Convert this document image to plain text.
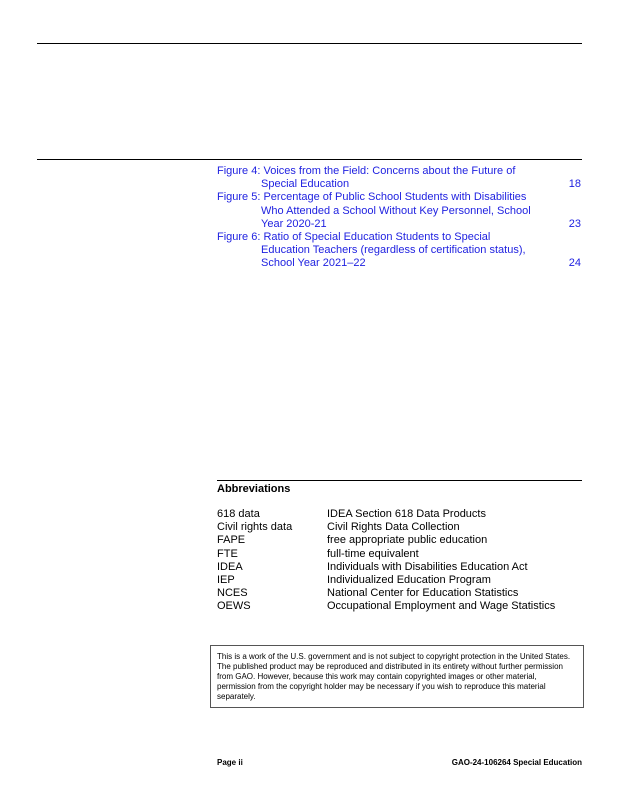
Figure 4: Voices from the Field: Concerns about the Future of
Special Education	18
Figure 5: Percentage of Public School Students with Disabilities
Who Attended a School Without Key Personnel, School Year 2020-21	23
Figure 6: Ratio of Special Education Students to Special
Education Teachers (regardless of certification status), School Year 2021–22	24
Abbreviations
618 data	IDEA Section 618 Data Products
Civil rights data	Civil Rights Data Collection
FAPE	free appropriate public education
FTE	full-time equivalent
IDEA	Individuals with Disabilities Education Act
IEP	Individualized Education Program
NCES	National Center for Education Statistics
OEWS	Occupational Employment and Wage Statistics
This is a work of the U.S. government and is not subject to copyright protection in the United States. The published product may be reproduced and distributed in its entirety without further permission from GAO. However, because this work may contain copyrighted images or other material, permission from the copyright holder may be necessary if you wish to reproduce this material separately.
Page ii	GAO-24-106264 Special Education
